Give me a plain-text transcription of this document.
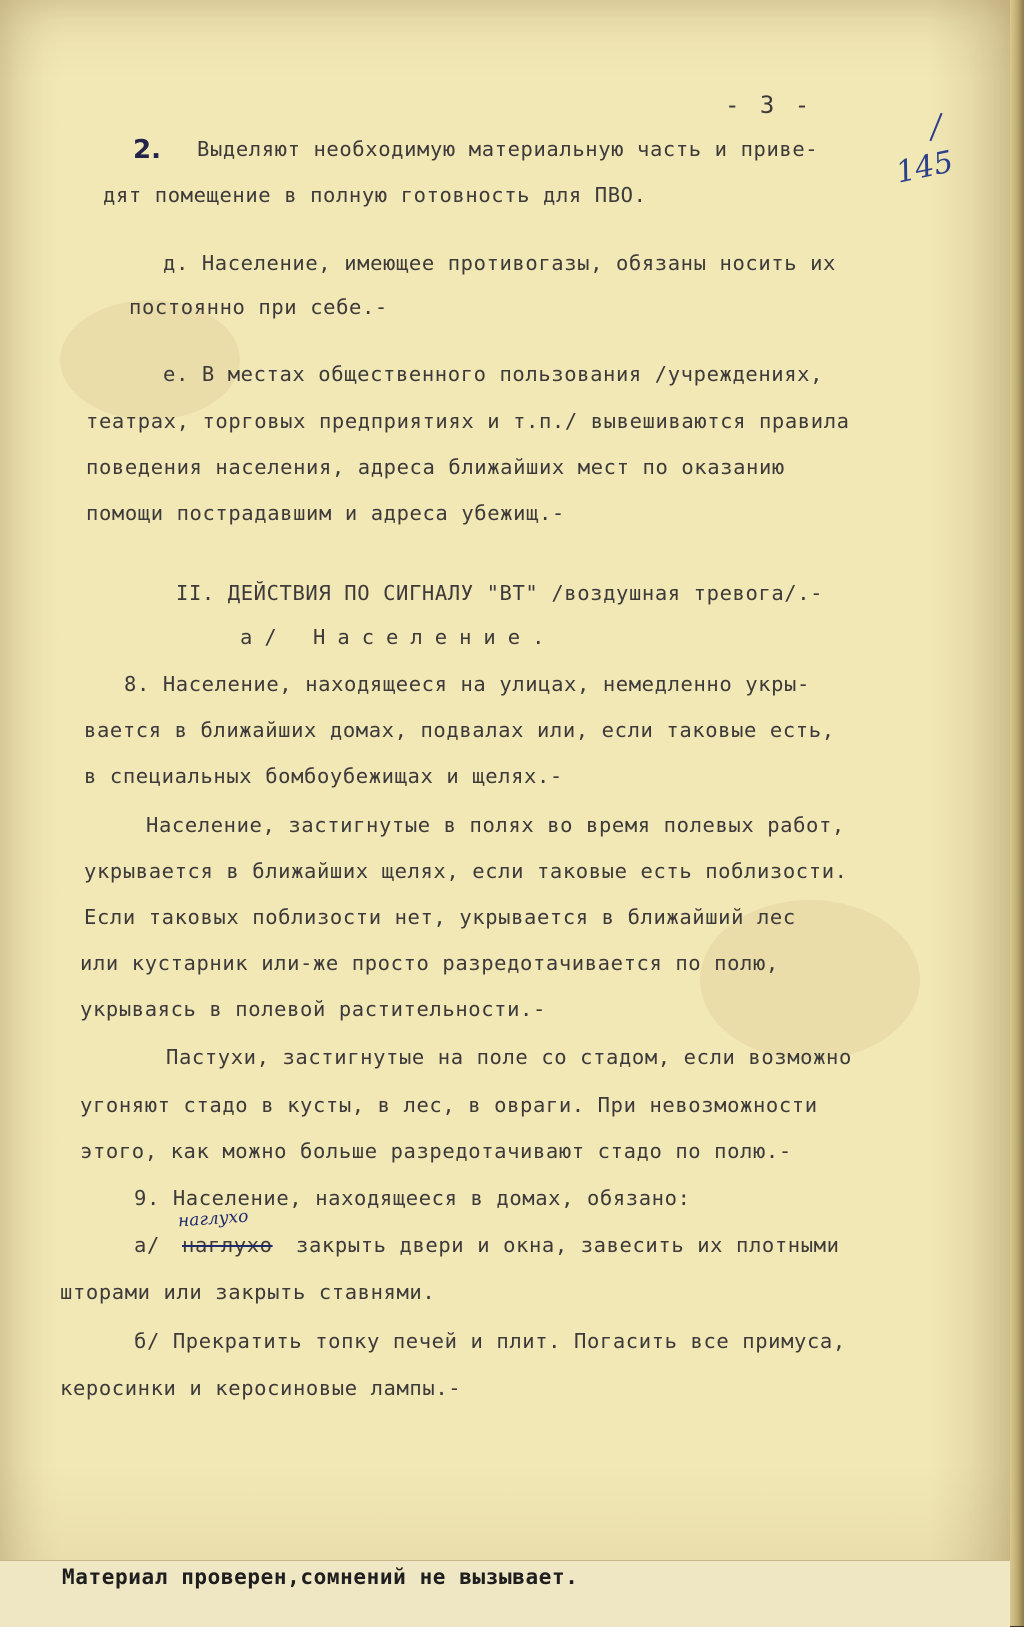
- 3 -
145
2. Выделяют необходимую материальную часть и приве-
дят помещение в полную готовность для ПВО.
д. Население, имеющее противогазы, обязаны носить их
постоянно при себе.-
е. В местах общественного пользования /учреждениях,
театрах, торговых предприятиях и т.п./ вывешиваются правила
поведения населения, адреса ближайших мест по оказанию
помощи пострадавшим и адреса убежищ.-
II. ДЕЙСТВИЯ ПО СИГНАЛУ "ВТ" /воздушная тревога/.-
а/ Население.
8. Население, находящееся на улицах, немедленно укры-
вается в ближайших домах, подвалах или, если таковые есть,
в специальных бомбоубежищах и щелях.-
Население, застигнутые в полях во время полевых работ,
укрывается в ближайших щелях, если таковые есть поблизости.
Если таковых поблизости нет, укрывается в ближайший лес
или кустарник или-же просто разредотачивается по полю,
укрываясь в полевой растительности.-
Пастухи, застигнутые на поле со стадом, если возможно
угоняют стадо в кусты, в лес, в овраги. При невозможности
этого, как можно больше разредотачивают стадо по полю.-
9. Население, находящееся в домах, обязано:
наглухо
а/ наглухо закрыть двери и окна, завесить их плотными
шторами или закрыть ставнями.
б/ Прекратить топку печей и плит. Погасить все примуса,
керосинки и керосиновые лампы.-
Материал проверен,сомнений не вызывает.
